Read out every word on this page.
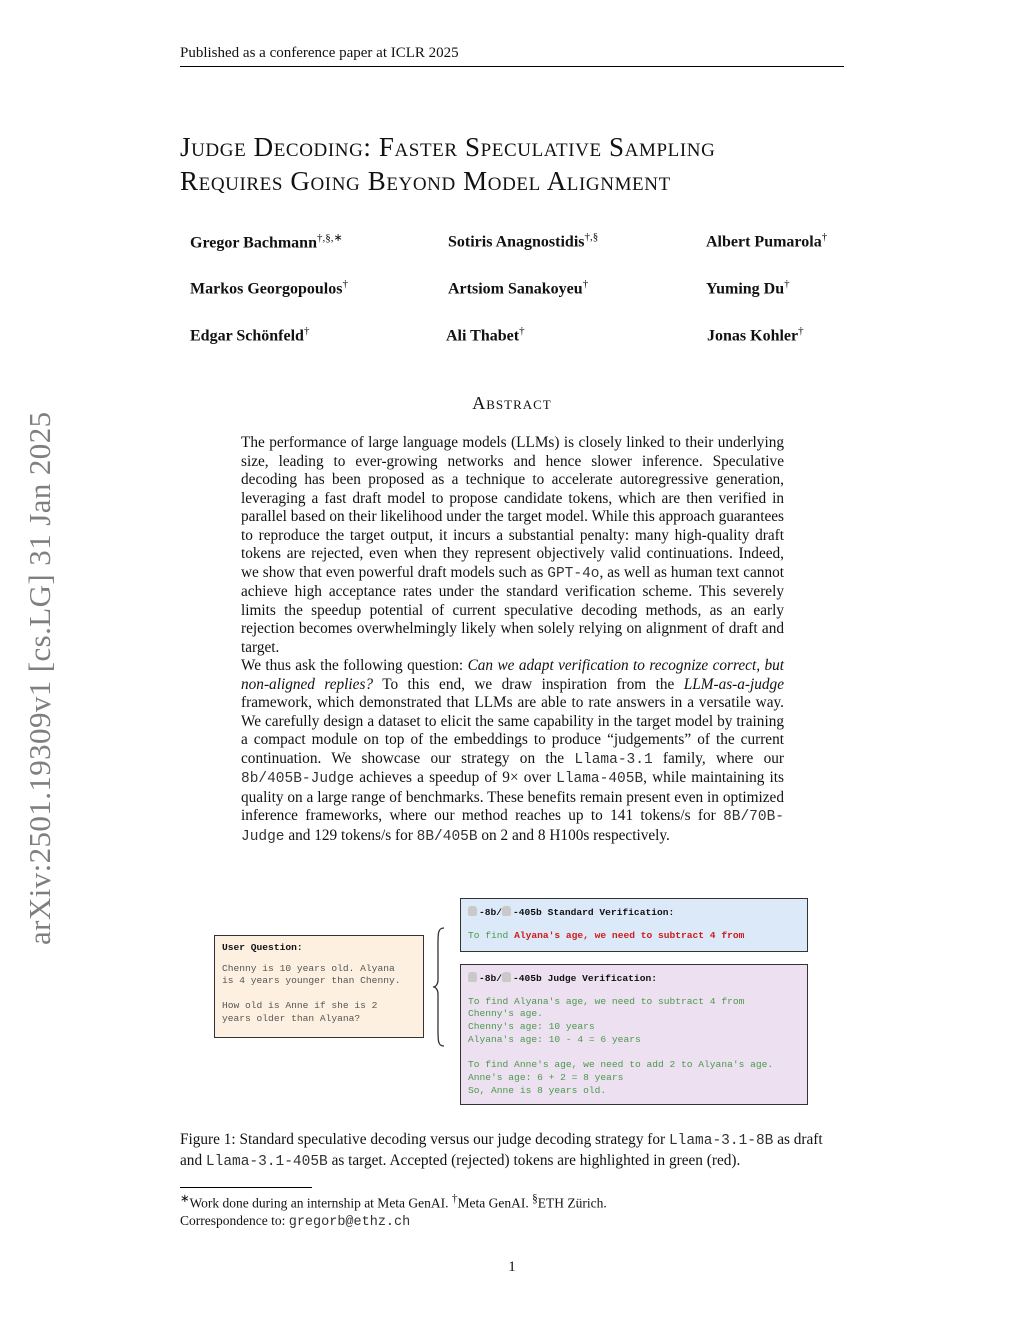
Published as a conference paper at ICLR 2025
Judge Decoding: Faster Speculative Sampling
Requires Going Beyond Model Alignment
Gregor Bachmann†,§,∗	Sotiris Anagnostidis†,§	Albert Pumarola†
Markos Georgopoulos†	Artsiom Sanakoyeu†	Yuming Du†
Edgar Schönfeld†	Ali Thabet†	Jonas Kohler†
arXiv:2501.19309v1 [cs.LG] 31 Jan 2025
Abstract
The performance of large language models (LLMs) is closely linked to their underlying size, leading to ever-growing networks and hence slower inference. Speculative decoding has been proposed as a technique to accelerate autoregressive generation, leveraging a fast draft model to propose candidate tokens, which are then verified in parallel based on their likelihood under the target model. While this approach guarantees to reproduce the target output, it incurs a substantial penalty: many high-quality draft tokens are rejected, even when they represent objectively valid continuations. Indeed, we show that even powerful draft models such as GPT-4o, as well as human text cannot achieve high acceptance rates under the standard verification scheme. This severely limits the speedup potential of current speculative decoding methods, as an early rejection becomes overwhelmingly likely when solely relying on alignment of draft and target.
We thus ask the following question: Can we adapt verification to recognize correct, but non-aligned replies? To this end, we draw inspiration from the LLM-as-a-judge framework, which demonstrated that LLMs are able to rate answers in a versatile way. We carefully design a dataset to elicit the same capability in the target model by training a compact module on top of the embeddings to produce “judgements” of the current continuation. We showcase our strategy on the Llama-3.1 family, where our 8b/405B-Judge achieves a speedup of 9× over Llama-405B, while maintaining its quality on a large range of benchmarks. These benefits remain present even in optimized inference frameworks, where our method reaches up to 141 tokens/s for 8B/70B-Judge and 129 tokens/s for 8B/405B on 2 and 8 H100s respectively.
User Question:
Chenny is 10 years old. Alyana
is 4 years younger than Chenny.
How old is Anne if she is 2
years older than Alyana?
-8b/ -405b Standard Verification:
To find Alyana's age, we need to subtract 4 from
-8b/ -405b Judge Verification:
To find Alyana's age, we need to subtract 4 from
Chenny's age.
Chenny's age: 10 years
Alyana's age: 10 - 4 = 6 years
To find Anne's age, we need to add 2 to Alyana's age.
Anne's age: 6 + 2 = 8 years
So, Anne is 8 years old.
Figure 1: Standard speculative decoding versus our judge decoding strategy for Llama-3.1-8B as draft and Llama-3.1-405B as target. Accepted (rejected) tokens are highlighted in green (red).
∗Work done during an internship at Meta GenAI. †Meta GenAI. §ETH Zürich.
Correspondence to: gregorb@ethz.ch
1
